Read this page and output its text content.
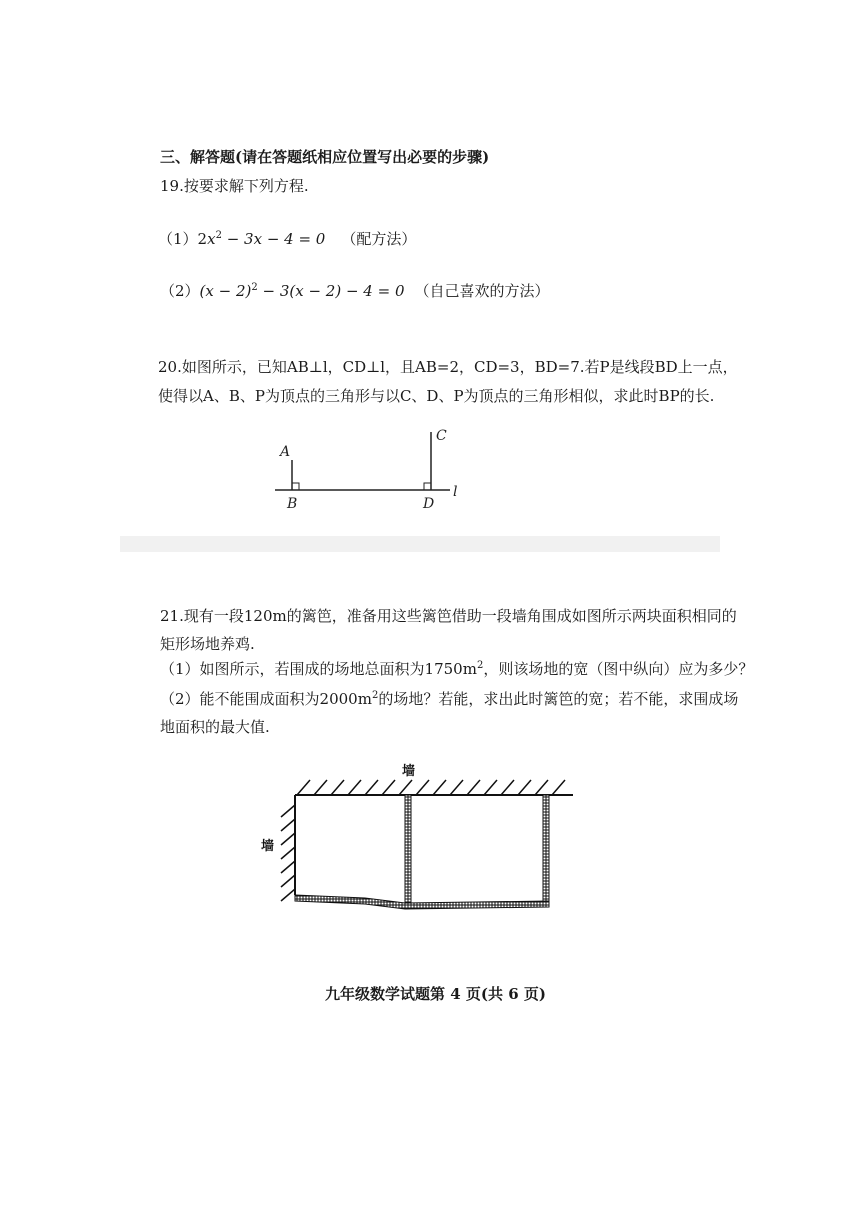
三、解答题(请在答题纸相应位置写出必要的步骤)
19.按要求解下列方程.
$(1)2x^2 - 3x - 4 = 0$ （配方法）
$(2)(x - 2)^2 - 3(x - 2) - 4 = 0$ （自己喜欢的方法）
20.如图所示，已知AB⊥l，CD⊥l，且AB=2，CD=3，BD=7.若P是线段BD上一点，
使得以A、B、P为顶点的三角形与以C、D、P为顶点的三角形相似，求此时BP的长.
A
B
C
D
l
21.现有一段120m的篱笆，准备用这些篱笆借助一段墙角围成如图所示两块面积相同的
矩形场地养鸡.
（1）如图所示，若围成的场地总面积为$1750m^2$，则该场地的宽（图中纵向）应为多少？
（2）能不能围成面积为$2000m^2$的场地？若能，求出此时篱笆的宽；若不能，求围成场
地面积的最大值.
墙
墙
九年级数学试题第 4 页(共 6 页)
